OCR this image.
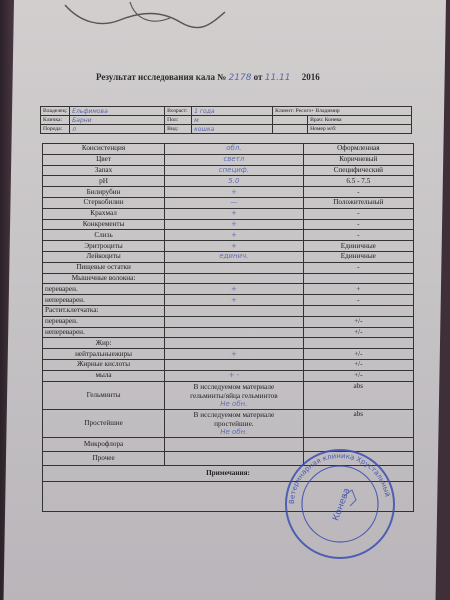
Результат исследования кала № 2178 от 11.11 2016
Владелец:	Ельфимова	Возраст:	1 года	Клиент: Ресогз+ Владимир	
Кличка:	Барни	Пол:	м		Врач: Конева
Порода:	л	Вид:	кошка		Номер м/б:
Консистенция	обл.	Оформленная
Цвет	светл	Коричневый
Запах	специф.	Специфический
pH	5.0	6.5 - 7.5
Билирубин	+	-
Стеркобилин	—	Положительный
Крахмал	+	-
Конкременты	+	-
Слизь	+	-
Эритроциты	+	Единичные
Лейкоциты	единич.	Единичные
Пищевые остатки		-
Мышечные волокна:		
переварен.	+	+
непереварен.	+	-
Растит.клетчатка:		
переварен.		+/-
непереварен.		+/-
Жир:		
нейтральныежиры	+	+/-
Жирные кислоты		+/-
мыла	+ -	+/-
Гельминты	В исследуемом материале
гельминты/яйца гельминтов
Не обн.	abs
Простейшие	В исследуемом материале
простейшие.
Не обн.	abs
Микрофлора		
Прочее		
Примечания:		

Ветеринарная клиника Хрустальный
Конева
